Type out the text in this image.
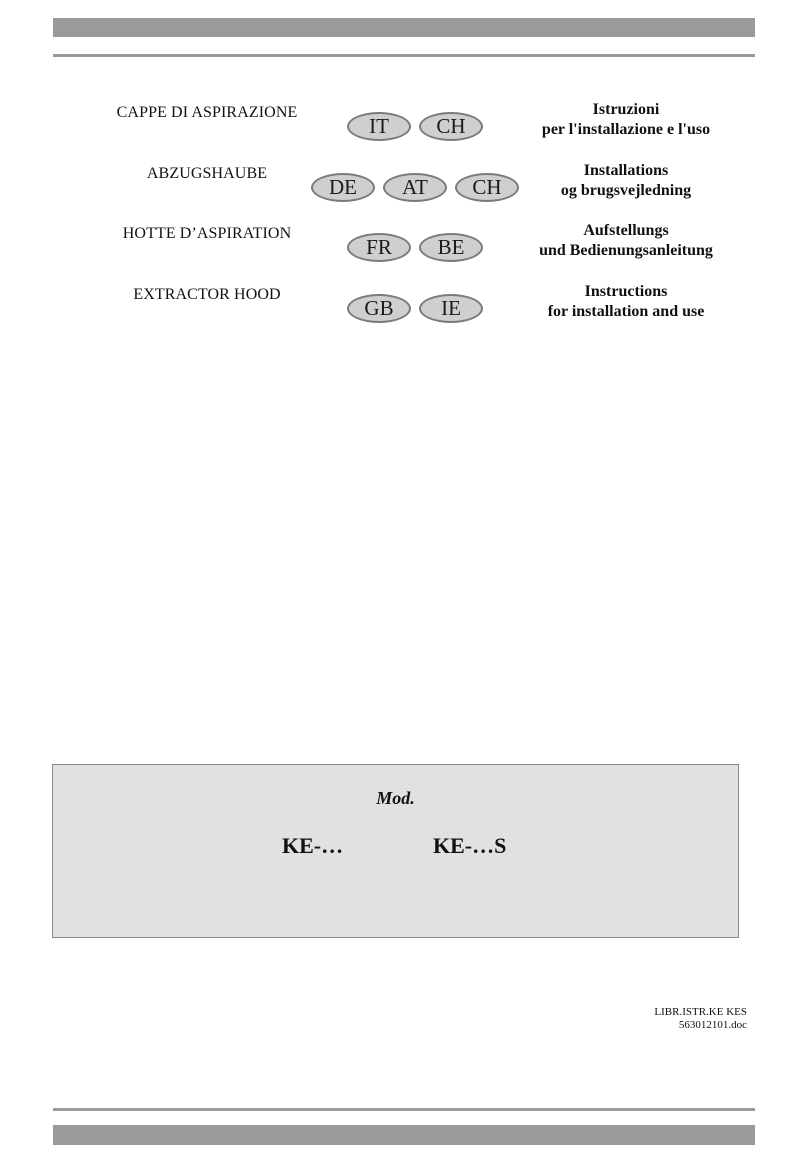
CAPPE DI ASPIRAZIONE
IT	CH
Istruzioni
per l'installazione e l'uso
ABZUGSHAUBE
DE	AT	CH
Installations
og brugsvejledning
HOTTE D’ASPIRATION
FR	BE
Aufstellungs
und Bedienungsanleitung
EXTRACTOR HOOD
GB	IE
Instructions
for installation and use
Mod.
KE-…	KE-…S
LIBR.ISTR.KE KES
563012101.doc
